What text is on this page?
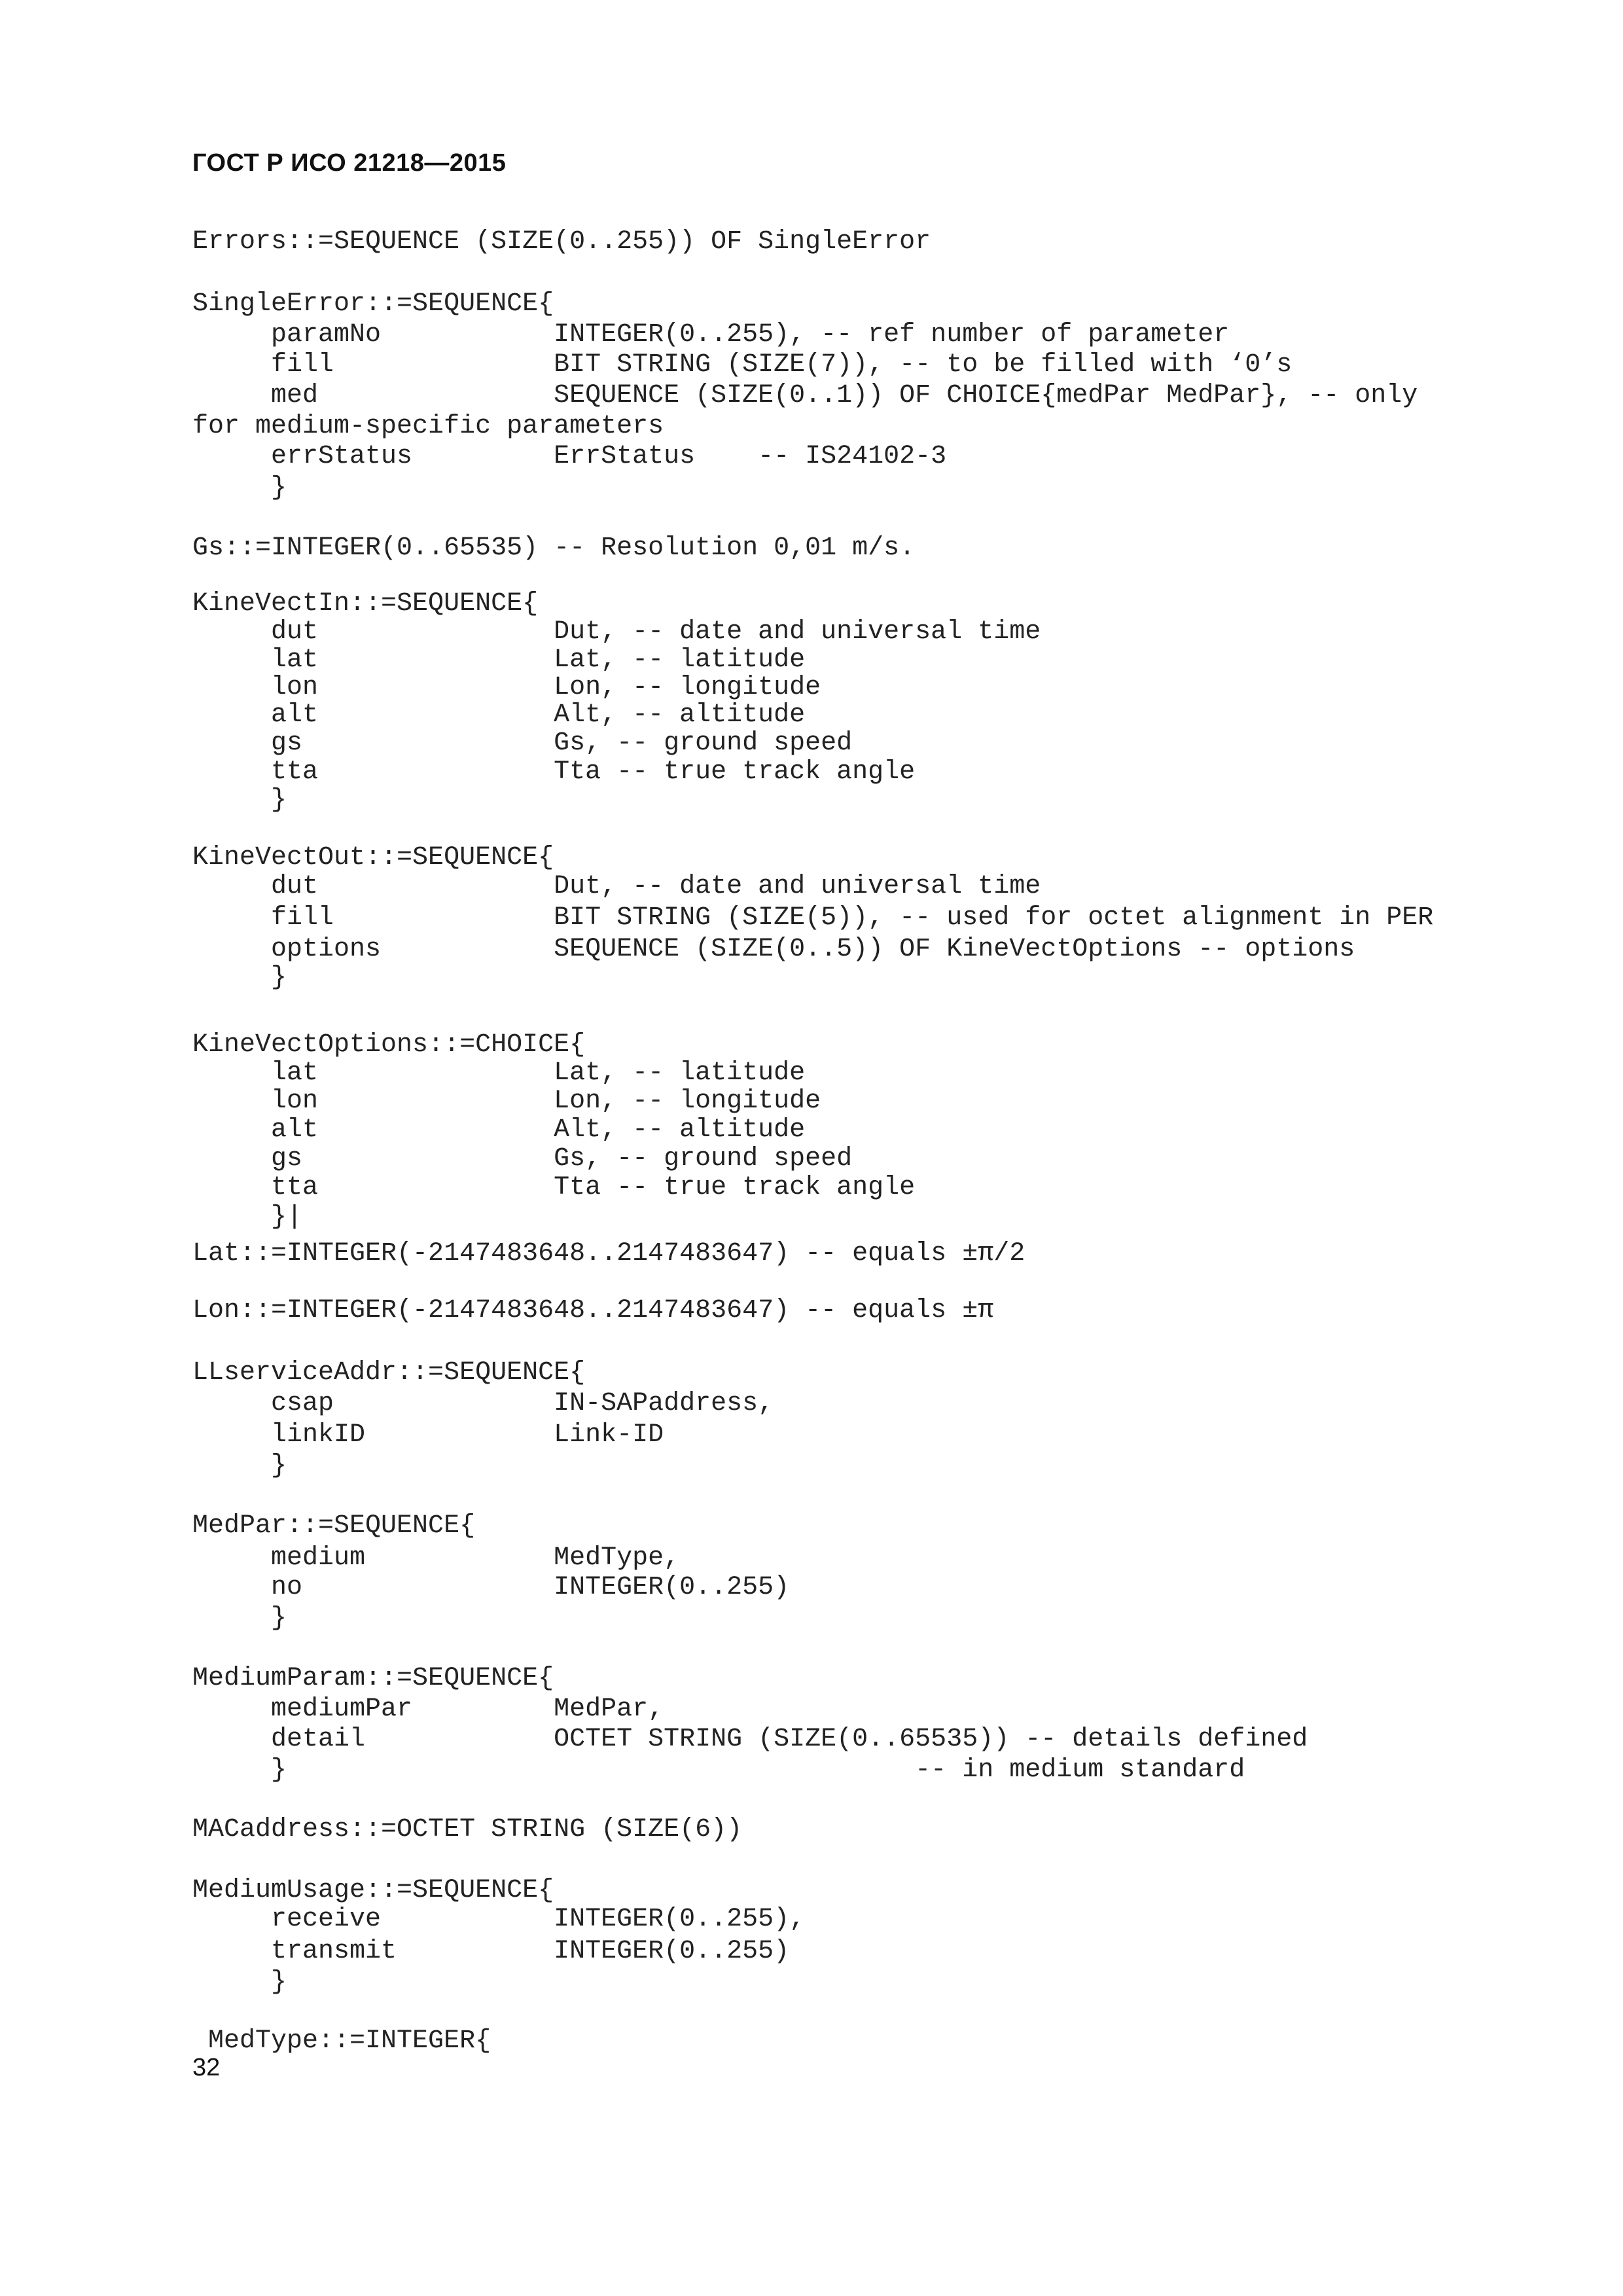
ГОСТ Р ИСО 21218—2015
Errors::=SEQUENCE (SIZE(0..255)) OF SingleError
SingleError::=SEQUENCE{
paramNo           INTEGER(0..255), -- ref number of parameter
fill              BIT STRING (SIZE(7)), -- to be filled with ‘0’s
med               SEQUENCE (SIZE(0..1)) OF CHOICE{medPar MedPar}, -- only
for medium-specific parameters
errStatus         ErrStatus    -- IS24102-3
}
Gs::=INTEGER(0..65535) -- Resolution 0,01 m/s.
KineVectIn::=SEQUENCE{
dut               Dut, -- date and universal time
lat               Lat, -- latitude
lon               Lon, -- longitude
alt               Alt, -- altitude
gs                Gs, -- ground speed
tta               Tta -- true track angle
}
KineVectOut::=SEQUENCE{
dut               Dut, -- date and universal time
fill              BIT STRING (SIZE(5)), -- used for octet alignment in PER
options           SEQUENCE (SIZE(0..5)) OF KineVectOptions -- options
}
KineVectOptions::=CHOICE{
lat               Lat, -- latitude
lon               Lon, -- longitude
alt               Alt, -- altitude
gs                Gs, -- ground speed
tta               Tta -- true track angle
}|
Lat::=INTEGER(-2147483648..2147483647) -- equals ±π/2
Lon::=INTEGER(-2147483648..2147483647) -- equals ±π
LLserviceAddr::=SEQUENCE{
csap              IN-SAPaddress,
linkID            Link-ID
}
MedPar::=SEQUENCE{
medium            MedType,
no                INTEGER(0..255)
}
MediumParam::=SEQUENCE{
mediumPar         MedPar,
detail            OCTET STRING (SIZE(0..65535)) -- details defined
}                                        -- in medium standard
MACaddress::=OCTET STRING (SIZE(6))
MediumUsage::=SEQUENCE{
receive           INTEGER(0..255),
transmit          INTEGER(0..255)
}
MedType::=INTEGER{
32
